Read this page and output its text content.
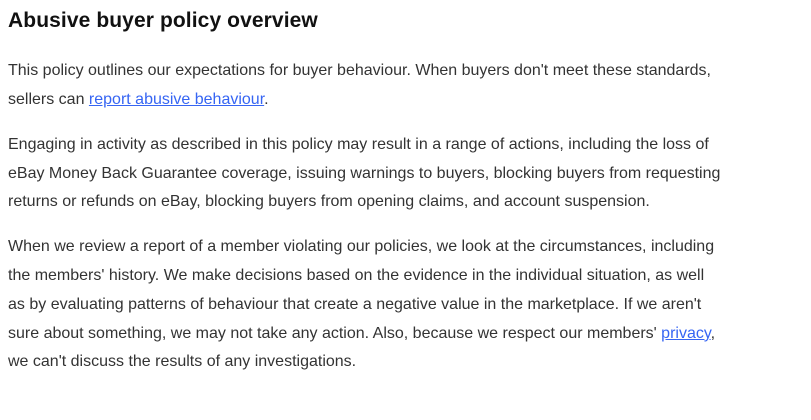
Abusive buyer policy overview

This policy outlines our expectations for buyer behaviour. When buyers don't meet these standards, sellers can report abusive behaviour.

Engaging in activity as described in this policy may result in a range of actions, including the loss of eBay Money Back Guarantee coverage, issuing warnings to buyers, blocking buyers from requesting returns or refunds on eBay, blocking buyers from opening claims, and account suspension.

When we review a report of a member violating our policies, we look at the circumstances, including the members' history. We make decisions based on the evidence in the individual situation, as well as by evaluating patterns of behaviour that create a negative value in the marketplace. If we aren't sure about something, we may not take any action. Also, because we respect our members' privacy, we can't discuss the results of any investigations.
